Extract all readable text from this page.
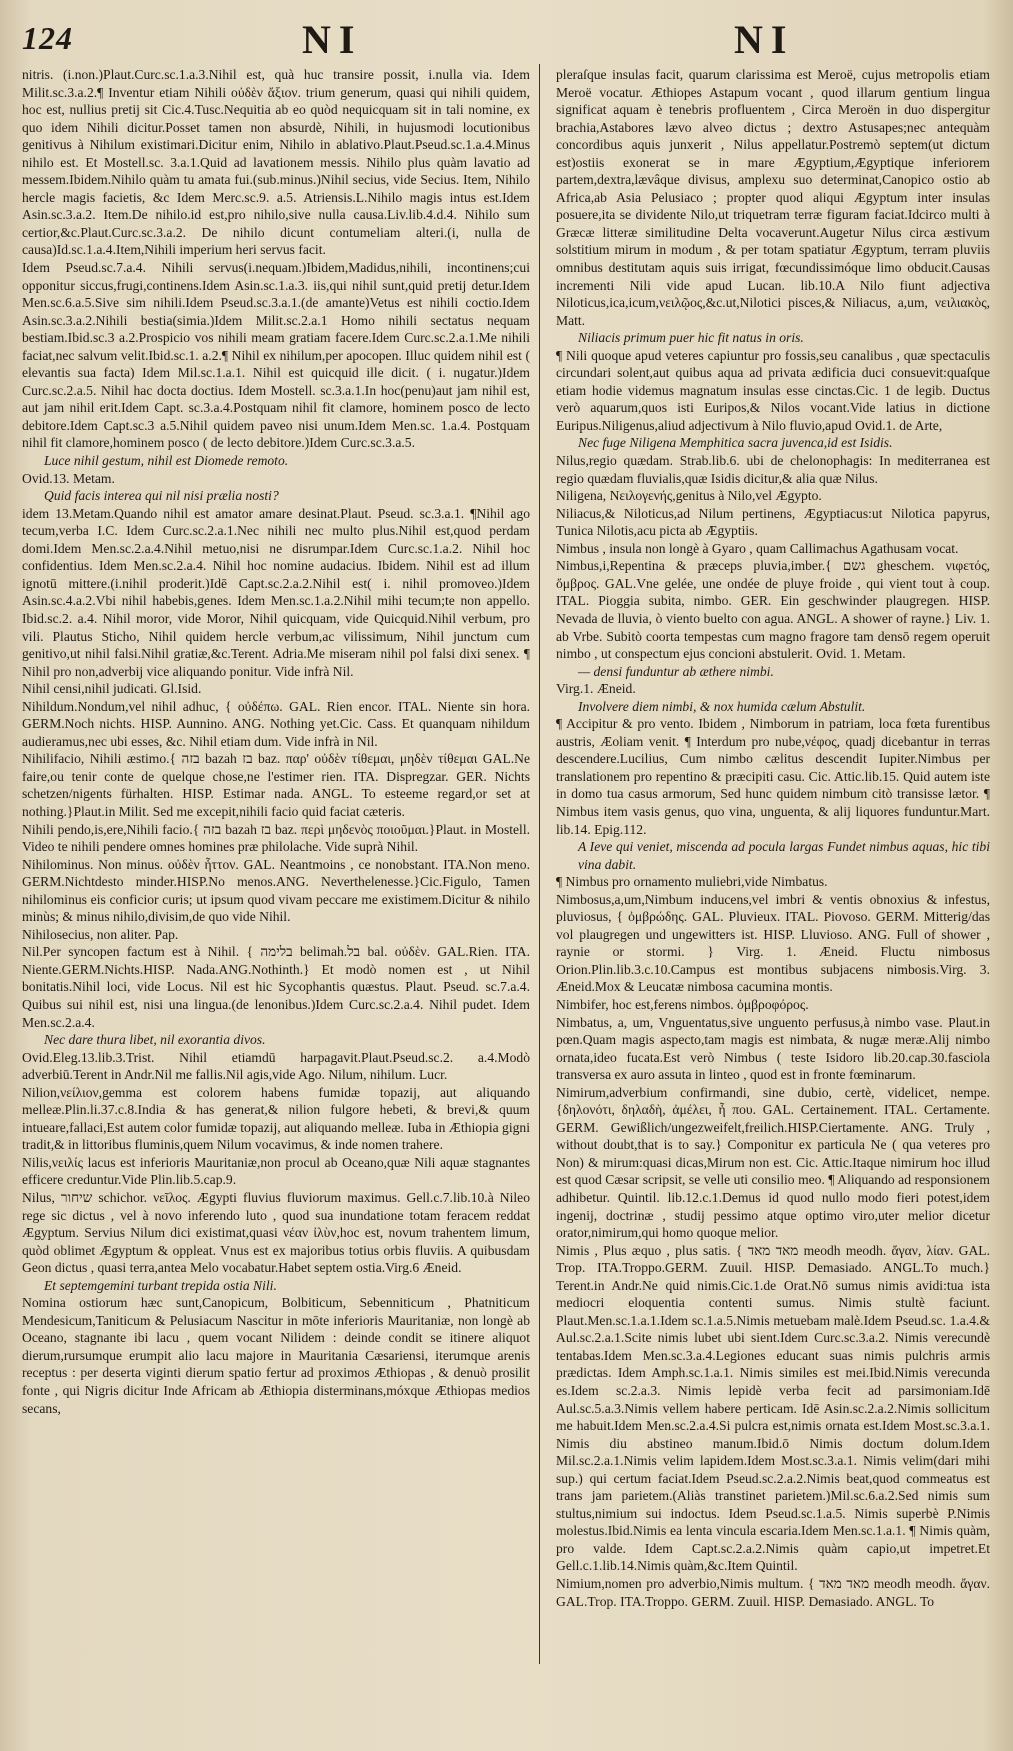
124	NI	NI

nitris. (i.non.)Plaut.Curc.sc.1.a.3.Nihil est, quà huc transire possit, i.nulla via. Idem Milit.sc.3.a.2.¶ Inventur etiam Nihili οὐδὲν ἄξιον. trium generum, quasi qui nihili quidem, hoc est, nullius pretij sit Cic.4.Tusc.Nequitia ab eo quòd nequicquam sit in tali nomine, ex quo idem Nihili dicitur.Posset tamen non absurdè, Nihili, in hujusmodi locutionibus genitivus à Nihilum existimari.Dicitur enim, Nihilo in ablativo.Plaut.Pseud.sc.1.a.4.Minus nihilo est. Et Mostell.sc. 3.a.1.Quid ad lavationem messis. Nihilo plus quàm lavatio ad messem.Ibidem.Nihilo quàm tu amata fui.(sub.minus.)Nihil secius, vide Secius. Item, Nihilo hercle magis facietis, &c Idem Merc.sc.9. a.5. Atriensis.L.Nihilo magis intus est.Idem Asin.sc.3.a.2. Item.De nihilo.id est,pro nihilo,sive nulla causa.Liv.lib.4.d.4. Nihilo sum certior,&c.Plaut.Curc.sc.3.a.2. De nihilo dicunt contumeliam alteri.(i, nulla de causa)Id.sc.1.a.4.Item,Nihili imperium heri servus facit.

Idem Pseud.sc.7.a.4. Nihili servus(i.nequam.)Ibidem,Madidus,nihili, incontinens;cui opponitur siccus,frugi,continens.Idem Asin.sc.1.a.3. iis,qui nihil sunt,quid pretij detur.Idem Men.sc.6.a.5.Sive sim nihili.Idem Pseud.sc.3.a.1.(de amante)Vetus est nihili coctio.Idem Asin.sc.3.a.2.Nihili bestia(simia.)Idem Milit.sc.2.a.1 Homo nihili sectatus nequam bestiam.Ibid.sc.3 a.2.Prospicio vos nihili meam gratiam facere.Idem Curc.sc.2.a.1.Me nihili faciat,nec salvum velit.Ibid.sc.1. a.2.¶ Nihil ex nihilum,per apocopen. Illuc quidem nihil est ( elevantis sua facta) Idem Mil.sc.1.a.1. Nihil est quicquid ille dicit. ( i. nugatur.)Idem Curc.sc.2.a.5. Nihil hac docta doctius. Idem Mostell. sc.3.a.1.In hoc(penu)aut jam nihil est, aut jam nihil erit.Idem Capt. sc.3.a.4.Postquam nihil fit clamore, hominem posco de lecto debitore.Idem Capt.sc.3 a.5.Nihil quidem paveo nisi unum.Idem Men.sc. 1.a.4. Postquam nihil fit clamore,hominem posco ( de lecto debitore.)Idem Curc.sc.3.a.5.

Luce nihil gestum, nihil est Diomede remoto.

Ovid.13. Metam.

Quid facis interea qui nil nisi prælia nosti?

idem 13.Metam.Quando nihil est amator amare desinat.Plaut. Pseud. sc.3.a.1. ¶Nihil ago tecum,verba I.C. Idem Curc.sc.2.a.1.Nec nihili nec multo plus.Nihil est,quod perdam domi.Idem Men.sc.2.a.4.Nihil metuo,nisi ne disrumpar.Idem Curc.sc.1.a.2. Nihil hoc confidentius. Idem Men.sc.2.a.4. Nihil hoc nomine audacius. Ibidem. Nihil est ad illum ignotū mittere.(i.nihil proderit.)Idē Capt.sc.2.a.2.Nihil est( i. nihil promoveo.)Idem Asin.sc.4.a.2.Vbi nihil habebis,genes. Idem Men.sc.1.a.2.Nihil mihi tecum;te non appello. Ibid.sc.2. a.4. Nihil moror, vide Moror, Nihil quicquam, vide Quicquid.Nihil verbum, pro vili. Plautus Sticho, Nihil quidem hercle verbum,ac vilissimum, Nihil junctum cum genitivo,ut nihil falsi.Nihil gratiæ,&c.Terent. Adria.Me miseram nihil pol falsi dixi senex. ¶ Nihil pro non,adverbij vice aliquando ponitur. Vide infrà Nil.

Nihil censi,nihil judicati. Gl.Isid.

Nihildum.Nondum,vel nihil adhuc, { οὐδέπω. GAL. Rien encor. ITAL. Niente sin hora. GERM.Noch nichts. HISP. Aunnino. ANG. Nothing yet.Cic. Cass. Et quanquam nihildum audieramus,nec ubi esses, &c. Nihil etiam dum. Vide infrà in Nil.

Nihilifacio, Nihili æstimo.{ בזה bazah בז baz. παρ' οὐδὲν τίθεμαι, μηδὲν τίθεμαι GAL.Ne faire,ou tenir conte de quelque chose,ne l'estimer rien. ITA. Dispregzar. GER. Nichts schetzen/nigents fürhalten. HISP. Estimar nada. ANGL. To esteeme regard,or set at nothing.}Plaut.in Milit. Sed me excepit,nihili facio quid faciat cæteris.

Nihili pendo,is,ere,Nihili facio.{ בזה bazah בז baz. περὶ μηδενὸς ποιοῦμαι.}Plaut. in Mostell. Video te nihili pendere omnes homines præ philolache. Vide suprà Nihil.

Nihilominus. Non minus. οὐδὲν ἧττον. GAL. Neantmoins , ce nonobstant. ITA.Non meno. GERM.Nichtdesto minder.HISP.No menos.ANG. Neverthelenesse.}Cic.Figulo, Tamen nihilominus eis conficior curis; ut ipsum quod vivam peccare me existimem.Dicitur & nihilo minùs; & minus nihilo,divisim,de quo vide Nihil.

Nihilosecius, non aliter. Pap.

Nil.Per syncopen factum est à Nihil. { בלימה belimah.בל bal. οὐδὲν. GAL.Rien. ITA. Niente.GERM.Nichts.HISP. Nada.ANG.Nothinth.} Et modò nomen est , ut Nihil bonitatis.Nihil loci, vide Locus. Nil est hic Sycophantis quæstus. Plaut. Pseud. sc.7.a.4. Quibus sui nihil est, nisi una lingua.(de lenonibus.)Idem Curc.sc.2.a.4. Nihil pudet. Idem Men.sc.2.a.4.

Nec dare thura libet, nil exorantia divos.

Ovid.Eleg.13.lib.3.Trist. Nihil etiamdū harpagavit.Plaut.Pseud.sc.2. a.4.Modò adverbiū.Terent in Andr.Nil me fallis.Nil agis,vide Ago. Nilum, nihilum. Lucr.

Nilion,νείλιον,gemma est colorem habens fumidæ topazij, aut aliquando melleæ.Plin.li.37.c.8.India & has generat,& nilion fulgore hebeti, & brevi,& quum intueare,fallaci,Est autem color fumidæ topazij, aut aliquando melleæ. Iuba in Æthiopia gigni tradit,& in littoribus fluminis,quem Nilum vocavimus, & inde nomen trahere.

Nilis,νειλίς lacus est inferioris Mauritaniæ,non procul ab Oceano,quæ Nili aquæ stagnantes efficere creduntur.Vide Plin.lib.5.cap.9.

Nilus, שיחור schichor. νεῖλος. Ægypti fluvius fluviorum maximus. Gell.c.7.lib.10.à Nileo rege sic dictus , vel à novo inferendo luto , quod sua inundatione totam feracem reddat Ægyptum. Servius Nilum dici existimat,quasi νέαν ἰλὺν,hoc est, novum trahentem limum, quòd oblimet Ægyptum & oppleat. Vnus est ex majoribus totius orbis fluviis. A quibusdam Geon dictus , quasi terra,antea Melo vocabatur.Habet septem ostia.Virg.6 Æneid.

Et septemgemini turbant trepida ostia Nili.

Nomina ostiorum hæc sunt,Canopicum, Bolbiticum, Sebenniticum , Phatniticum Mendesicum,Taniticum & Pelusiacum Nascitur in mōte inferioris Mauritaniæ, non longè ab Oceano, stagnante ibi lacu , quem vocant Nilidem : deinde condit se itinere aliquot dierum,rursumque erumpit alio lacu majore in Mauritania Cæsariensi, iterumque arenis receptus : per deserta viginti dierum spatio fertur ad proximos Æthiopas , & denuò prosilit fonte , qui Nigris dicitur Inde Africam ab Æthiopia disterminans,móxque Æthiopas medios secans,

pleraſque insulas facit, quarum clarissima est Meroë, cujus metropolis etiam Meroë vocatur. Æthiopes Astapum vocant , quod illarum gentium lingua significat aquam è tenebris profluentem , Circa Meroën in duo dispergitur brachia,Astabores lævo alveo dictus ; dextro Astusapes;nec antequàm concordibus aquis junxerit , Nilus appellatur.Postremò septem(ut dictum est)ostiis exonerat se in mare Ægyptium,Ægyptique inferiorem partem,dextra,lævâque divisus, amplexu suo determinat,Canopico ostio ab Africa,ab Asia Pelusiaco ; propter quod aliqui Ægyptum inter insulas posuere,ita se dividente Nilo,ut triquetram terræ figuram faciat.Idcirco multi à Græcæ litteræ similitudine Delta vocaverunt.Augetur Nilus circa æstivum solstitium mirum in modum , & per totam spatiatur Ægyptum, terram pluviis omnibus destitutam aquis suis irrigat, fœcundissimóque limo obducit.Causas incrementi Nili vide apud Lucan. lib.10.A Nilo fiunt adjectiva Niloticus,ica,icum,νειλῷος,&c.ut,Nilotici pisces,& Niliacus, a,um, νειλιακὸς, Matt.

Niliacis primum puer hic fit natus in oris.

¶ Nili quoque apud veteres capiuntur pro fossis,seu canalibus , quæ spectaculis circundari solent,aut quibus aqua ad privata ædificia duci consuevit:quaſque etiam hodie videmus magnatum insulas esse cinctas.Cic. 1 de legib. Ductus verò aquarum,quos isti Euripos,& Nilos vocant.Vide latius in dictione Euripus.Niligenus,aliud adjectivum à Nilo fluvio,apud Ovid.1. de Arte,

Nec fuge Niligena Memphitica sacra juvenca,id est Isidis.

Nilus,regio quædam. Strab.lib.6. ubi de chelonophagis: In mediterranea est regio quædam fluvialis,quæ Isidis dicitur,& alia quæ Nilus.

Niligena, Νειλογενής,genitus à Nilo,vel Ægypto.

Niliacus,& Niloticus,ad Nilum pertinens, Ægyptiacus:ut Nilotica papyrus, Tunica Nilotis,acu picta ab Ægyptiis.

Nimbus , insula non longè à Gyaro , quam Callimachus Agathusam vocat.

Nimbus,i,Repentina & præceps pluvia,imber.{ גשם gheschem. νιφετός, ὄμβρος. GAL.Vne gelée, une ondée de pluye froide , qui vient tout à coup. ITAL. Pioggia subita, nimbo. GER. Ein geschwinder plaugregen. HISP. Nevada de lluvia, ò viento buelto con agua. ANGL. A shower of rayne.} Liv. 1. ab Vrbe. Subitò coorta tempestas cum magno fragore tam densō regem operuit nimbo , ut conspectum ejus concioni abstulerit. Ovid. 1. Metam.

— densi funduntur ab æthere nimbi.

Virg.1. Æneid.

Involvere diem nimbi, & nox humida cælum Abstulit.

¶ Accipitur & pro vento. Ibidem , Nimborum in patriam, loca fœta furentibus austris, Æoliam venit. ¶ Interdum pro nube,νέφος, quadj dicebantur in terras descendere.Lucilius, Cum nimbo cælitus descendit Iupiter.Nimbus per translationem pro repentino & præcipiti casu. Cic. Attic.lib.15. Quid autem iste in domo tua casus armorum, Sed hunc quidem nimbum citò transisse lætor. ¶ Nimbus item vasis genus, quo vina, unguenta, & alij liquores funduntur.Mart. lib.14. Epig.112.

A Ieve qui veniet, miscenda ad pocula largas Fundet nimbus aquas, hic tibi vina dabit.

¶ Nimbus pro ornamento muliebri,vide Nimbatus.

Nimbosus,a,um,Nimbum inducens,vel imbri & ventis obnoxius & infestus, pluviosus, { ὀμβρώδης. GAL. Pluvieux. ITAL. Piovoso. GERM. Mitterig/das vol plaugregen und ungewitters ist. HISP. Lluvioso. ANG. Full of shower , raynie or stormi. } Virg. 1. Æneid. Fluctu nimbosus Orion.Plin.lib.3.c.10.Campus est montibus subjacens nimbosis.Virg. 3. Æneid.Mox & Leucatæ nimbosa cacumina montis.

Nimbifer, hoc est,ferens nimbos. ὀμβροφόρος.

Nimbatus, a, um, Vnguentatus,sive unguento perfusus,à nimbo vase. Plaut.in pœn.Quam magis aspecto,tam magis est nimbata, & nugæ meræ.Alij nimbo ornata,ideo fucata.Est verò Nimbus ( teste Isidoro lib.20.cap.30.fasciola transversa ex auro assuta in linteo , quod est in fronte fœminarum.

Nimirum,adverbium confirmandi, sine dubio, certè, videlicet, nempe. {δηλονότι, δηλαδὴ, ἀμέλει, ἦ που. GAL. Certainement. ITAL. Certamente. GERM. Gewißlich/ungezweifelt,freilich.HISP.Ciertamente. ANG. Truly , without doubt,that is to say.} Componitur ex particula Ne ( qua veteres pro Non) & mirum:quasi dicas,Mirum non est. Cic. Attic.Itaque nimirum hoc illud est quod Cæsar scripsit, se velle uti consilio meo. ¶ Aliquando ad responsionem adhibetur. Quintil. lib.12.c.1.Demus id quod nullo modo fieri potest,idem ingenij, doctrinæ , studij pessimo atque optimo viro,uter melior dicetur orator,nimirum,qui homo quoque melior.

Nimis , Plus æquo , plus satis. { מאד מאד meodh meodh. ἄγαν, λίαν. GAL. Trop. ITA.Troppo.GERM. Zuuil. HISP. Demasiado. ANGL.To much.} Terent.in Andr.Ne quid nimis.Cic.1.de Orat.Nō sumus nimis avidi:tua ista mediocri eloquentia contenti sumus. Nimis stultè faciunt. Plaut.Men.sc.1.a.1.Idem sc.1.a.5.Nimis metuebam malè.Idem Pseud.sc. 1.a.4.& Aul.sc.2.a.1.Scite nimis lubet ubi sient.Idem Curc.sc.3.a.2. Nimis verecundè tentabas.Idem Men.sc.3.a.4.Legiones educant suas nimis pulchris armis prædictas. Idem Amph.sc.1.a.1. Nimis similes est mei.Ibid.Nimis verecunda es.Idem sc.2.a.3. Nimis lepidè verba fecit ad parsimoniam.Idē Aul.sc.5.a.3.Nimis vellem habere perticam. Idē Asin.sc.2.a.2.Nimis sollicitum me habuit.Idem Men.sc.2.a.4.Si pulcra est,nimis ornata est.Idem Most.sc.3.a.1. Nimis diu abstineo manum.Ibid.ō Nimis doctum dolum.Idem Mil.sc.2.a.1.Nimis velim lapidem.Idem Most.sc.3.a.1. Nimis velim(dari mihi sup.) qui certum faciat.Idem Pseud.sc.2.a.2.Nimis beat,quod commeatus est trans jam parietem.(Aliàs transtinet parietem.)Mil.sc.6.a.2.Sed nimis sum stultus,nimium sui indoctus. Idem Pseud.sc.1.a.5. Nimis superbè P.Nimis molestus.Ibid.Nimis ea lenta vincula escaria.Idem Men.sc.1.a.1. ¶ Nimis quàm, pro valde. Idem Capt.sc.2.a.2.Nimis quàm capio,ut impetret.Et Gell.c.1.lib.14.Nimis quàm,&c.Item Quintil.

Nimium,nomen pro adverbio,Nimis multum. { מאד מאד meodh meodh. ἄγαν. GAL.Trop. ITA.Troppo. GERM. Zuuil. HISP. Demasiado. ANGL. To
